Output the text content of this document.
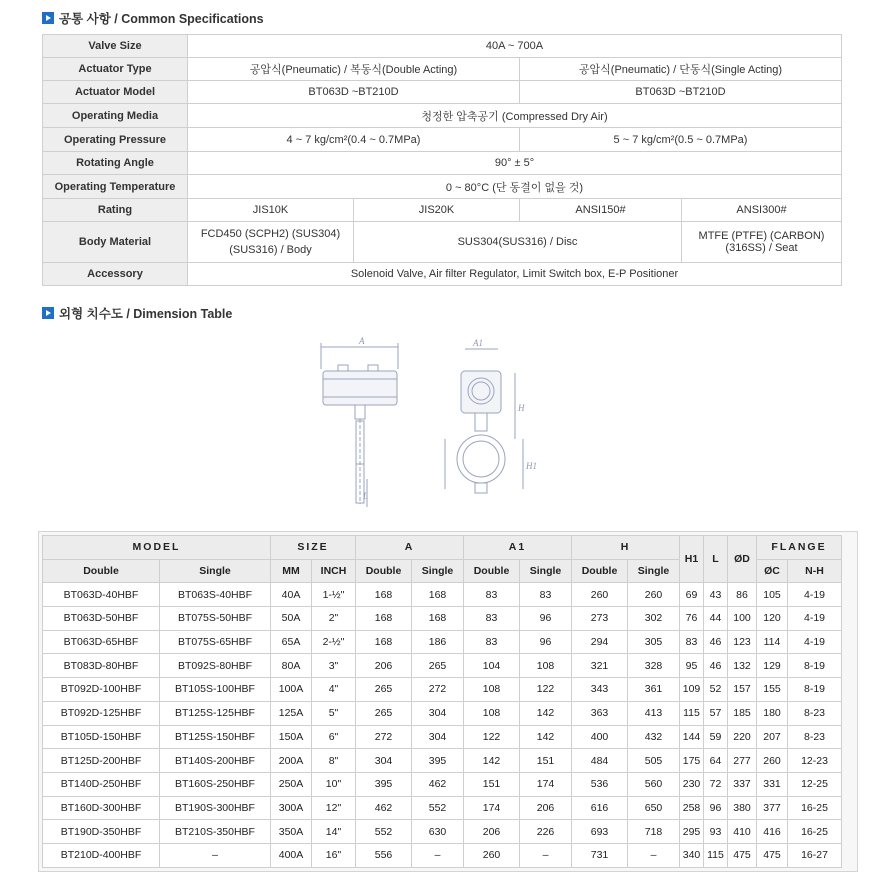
공통 사항 / Common Specifications
Valve Size	40A ~ 700A			
Actuator Type	공압식(Pneumatic) / 복동식(Double Acting)		공압식(Pneumatic) / 단동식(Single Acting)	
Actuator Model	BT063D ~BT210D		BT063D ~BT210D	
Operating Media	청정한 압축공기 (Compressed Dry Air)			
Operating Pressure	4 ~ 7 kg/cm²(0.4 ~ 0.7MPa)		5 ~ 7 kg/cm²(0.5 ~ 0.7MPa)	
Rotating Angle	90° ± 5°			
Operating Temperature	0 ~ 80°C (단 동결이 없을 것)			
Rating	JIS10K	JIS20K	ANSI150#	ANSI300#
Body Material	FCD450 (SCPH2) (SUS304) (SUS316) / Body	SUS304(SUS316) / Disc		MTFE (PTFE) (CARBON) (316SS) / Seat
Accessory	Solenoid Valve, Air filter Regulator, Limit Switch box, E-P Positioner			
외형 치수도 / Dimension Table
A	A1
H
H1
L
MODEL		SIZE		A		A1		H		H1	L	ØD	FLANGE	
Double	Single	MM	INCH	Double	Single	Double	Single	Double	Single				ØC	N-H
BT063D-40HBF	BT063S-40HBF	40A	1-½"	168	168	83	83	260	260	69	43	86	105	4-19
BT063D-50HBF	BT075S-50HBF	50A	2"	168	168	83	96	273	302	76	44	100	120	4-19
BT063D-65HBF	BT075S-65HBF	65A	2-½"	168	186	83	96	294	305	83	46	123	114	4-19
BT083D-80HBF	BT092S-80HBF	80A	3"	206	265	104	108	321	328	95	46	132	129	8-19
BT092D-100HBF	BT105S-100HBF	100A	4"	265	272	108	122	343	361	109	52	157	155	8-19
BT092D-125HBF	BT125S-125HBF	125A	5"	265	304	108	142	363	413	115	57	185	180	8-23
BT105D-150HBF	BT125S-150HBF	150A	6"	272	304	122	142	400	432	144	59	220	207	8-23
BT125D-200HBF	BT140S-200HBF	200A	8"	304	395	142	151	484	505	175	64	277	260	12-23
BT140D-250HBF	BT160S-250HBF	250A	10"	395	462	151	174	536	560	230	72	337	331	12-25
BT160D-300HBF	BT190S-300HBF	300A	12"	462	552	174	206	616	650	258	96	380	377	16-25
BT190D-350HBF	BT210S-350HBF	350A	14"	552	630	206	226	693	718	295	93	410	416	16-25
BT210D-400HBF	–	400A	16"	556	–	260	–	731	–	340	115	475	475	16-27
